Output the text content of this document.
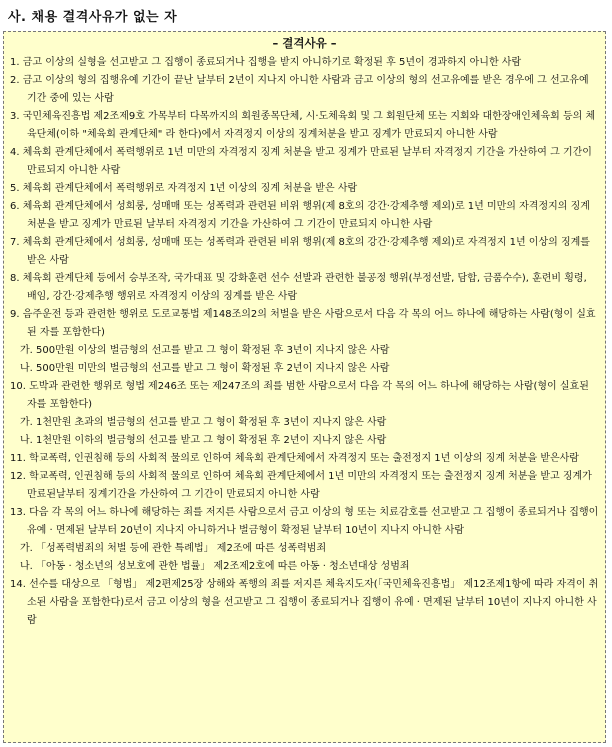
사. 채용 결격사유가 없는 자
– 결격사유 –
1. 금고 이상의 실형을 선고받고 그 집행이 종료되거나 집행을 받지 아니하기로 확정된 후 5년이 경과하지 아니한 사람
2. 금고 이상의 형의 집행유예 기간이 끝난 날부터 2년이 지나지 아니한 사람과 금고 이상의 형의 선고유예를 받은 경우에 그 선고유예 기간 중에 있는 사람
3. 국민체육진흥법 제2조제9호 가목부터 다목까지의 회원종목단체, 시·도체육회 및 그 회원단체 또는 지회와 대한장애인체육회 등의 체육단체(이하 "체육회 관계단체" 라 한다)에서 자격정지 이상의 징계처분을 받고 징계가 만료되지 아니한 사람
4. 체육회 관계단체에서 폭력행위로 1년 미만의 자격정지 징계 처분을 받고 징계가 만료된 날부터 자격정지 기간을 가산하여 그 기간이 만료되지 아니한 사람
5. 체육회 관계단체에서 폭력행위로 자격정지 1년 이상의 징계 처분을 받은 사람
6. 체육회 관계단체에서 성희롱, 성매매 또는 성폭력과 관련된 비위 행위(제 8호의 강간·강제추행 제외)로 1년 미만의 자격정지의 징계처분을 받고 징계가 만료된 날부터 자격정지 기간을 가산하여 그 기간이 만료되지 아니한 사람
7. 체육회 관계단체에서 성희롱, 성매매 또는 성폭력과 관련된 비위 행위(제 8호의 강간·강제추행 제외)로 자격정지 1년 이상의 징계를 받은 사람
8. 체육회 관계단체 등에서 승부조작, 국가대표 및 강화훈련 선수 선발과 관련한 불공정 행위(부정선발, 담합, 금품수수), 훈련비 횡령, 배임, 강간·강제추행 행위로 자격정지 이상의 징계를 받은 사람
9. 음주운전 등과 관련한 행위로 도로교통법 제148조의2의 처벌을 받은 사람으로서 다음 각 목의 어느 하나에 해당하는 사람(형이 실효된 자를 포함한다)
가. 500만원 이상의 벌금형의 선고를 받고 그 형이 확정된 후 3년이 지나지 않은 사람
나. 500만원 미만의 벌금형의 선고를 받고 그 형이 확정된 후 2년이 지나지 않은 사람
10. 도박과 관련한 행위로 형법 제246조 또는 제247조의 죄를 범한 사람으로서 다음 각 목의 어느 하나에 해당하는 사람(형이 실효된 자를 포함한다)
가. 1천만원 초과의 벌금형의 선고를 받고 그 형이 확정된 후 3년이 지나지 않은 사람
나. 1천만원 이하의 벌금형의 선고를 받고 그 형이 확정된 후 2년이 지나지 않은 사람
11. 학교폭력, 인권침해 등의 사회적 물의로 인하여 체육회 관계단체에서 자격정지 또는 출전정지 1년 이상의 징계 처분을 받은사람
12. 학교폭력, 인권침해 등의 사회적 물의로 인하여 체육회 관계단체에서 1년 미만의 자격정지 또는 출전정지 징계 처분을 받고 징계가 만료된날부터 징계기간을 가산하여 그 기간이 만료되지 아니한 사람
13. 다음 각 목의 어느 하나에 해당하는 죄를 저지른 사람으로서 금고 이상의 형 또는 치료감호를 선고받고 그 집행이 종료되거나 집행이 유예 · 면제된 날부터 20년이 지나지 아니하거나 벌금형이 확정된 날부터 10년이 지나지 아니한 사람
가. 「성폭력범죄의 처벌 등에 관한 특례법」 제2조에 따른 성폭력범죄
나. 「아동 · 청소년의 성보호에 관한 법률」 제2조제2호에 따른 아동 · 청소년대상 성범죄
14. 선수를 대상으로 「형법」 제2편제25장 상해와 폭행의 죄를 저지른 체육지도자(「국민체육진흥법」 제12조제1항에 따라 자격이 취소된 사람을 포함한다)로서 금고 이상의 형을 선고받고 그 집행이 종료되거나 집행이 유예 · 면제된 날부터 10년이 지나지 아니한 사람
